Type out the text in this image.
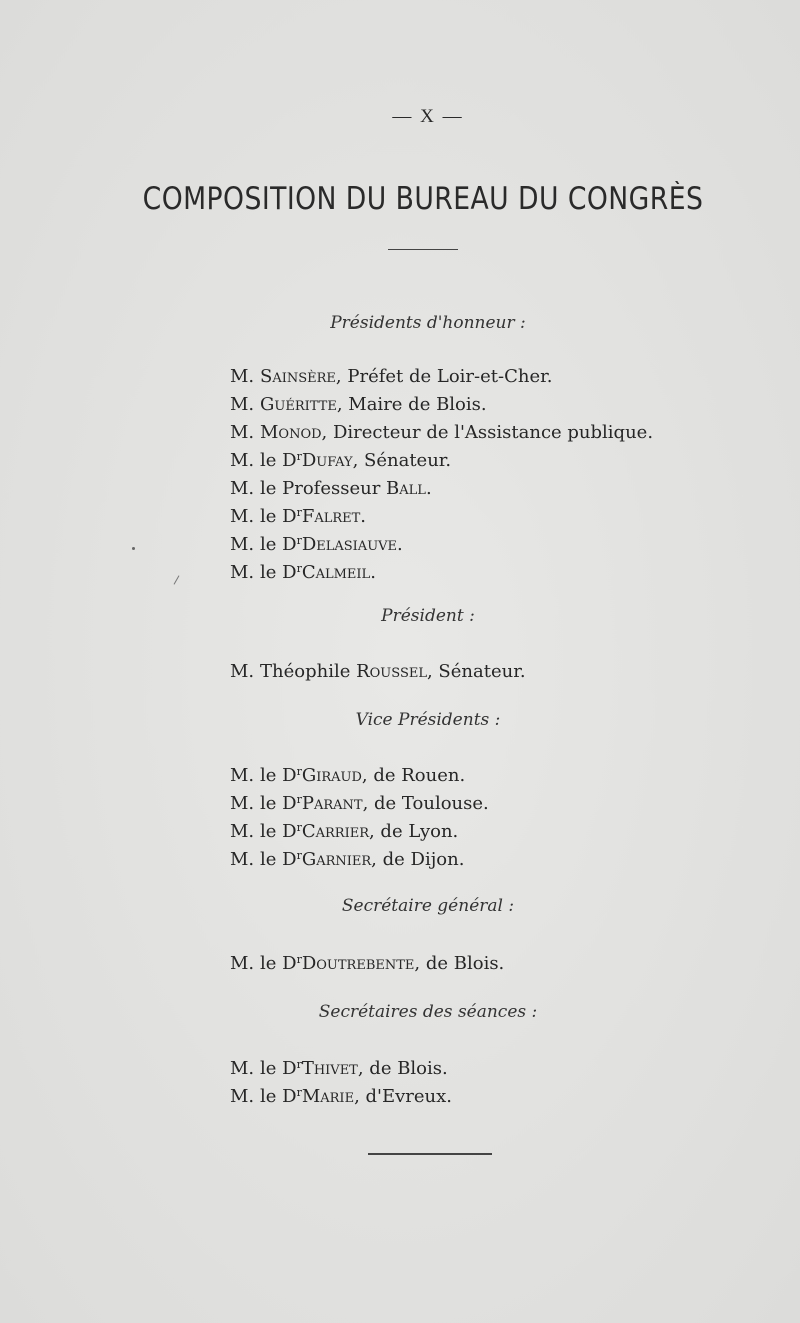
— X —
COMPOSITION DU BUREAU DU CONGRÈS
Présidents d'honneur :
M. Sainsère, Préfet de Loir-et-Cher.
M. Guéritte, Maire de Blois.
M. Monod, Directeur de l'Assistance publique.
M. le $D^rDufay$, Sénateur.
M. le Professeur Ball.
M. le $D^rFalret$.
M. le $D^rDelasiauve$.
M. le $D^rCalmeil$.
Président :
M. Théophile Roussel, Sénateur.
Vice Présidents :
M. le $D^rGiraud$, de Rouen.
M. le $D^rParant$, de Toulouse.
M. le $D^rCarrier$, de Lyon.
M. le $D^rGarnier$, de Dijon.
Secrétaire général :
M. le $D^rDoutrebente$, de Blois.
Secrétaires des séances :
M. le $D^rThivet$, de Blois.
M. le $D^rMarie$, d'Evreux.
